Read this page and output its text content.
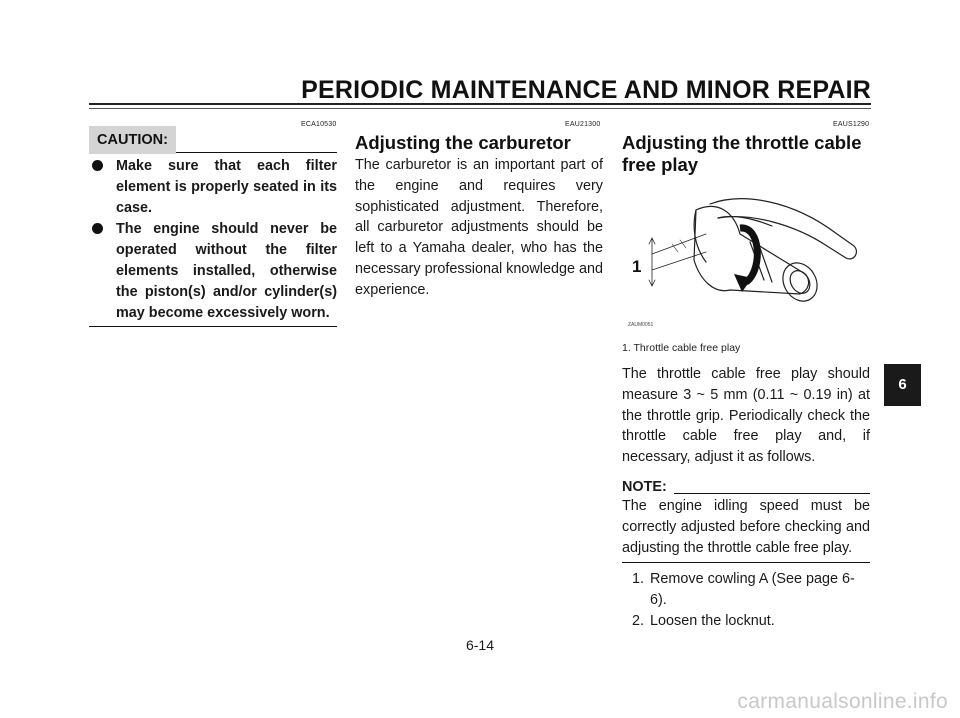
PERIODIC MAINTENANCE AND MINOR REPAIR
ECA10530	EAU21300	EAUS1290
CAUTION:
Make sure that each filter element is properly seated in its case.
The engine should never be operated without the filter elements installed, otherwise the piston(s) and/or cylinder(s) may become excessively worn.
Adjusting the carburetor

The carburetor is an important part of the engine and requires very sophisticated adjustment. Therefore, all carburetor adjustments should be left to a Yamaha dealer, who has the necessary professional knowledge and experience.

Adjusting the throttle cable free play
1
ZAUM0051
1. Throttle cable free play

The throttle cable free play should measure 3 ~ 5 mm (0.11 ~ 0.19 in) at the throttle grip. Periodically check the throttle cable free play and, if necessary, adjust it as follows.

NOTE:

The engine idling speed must be correctly adjusted before checking and adjusting the throttle cable free play.

1. Remove cowling A (See page 6-6).
2. Loosen the locknut.
6-14
6
carmanualsonline.info
